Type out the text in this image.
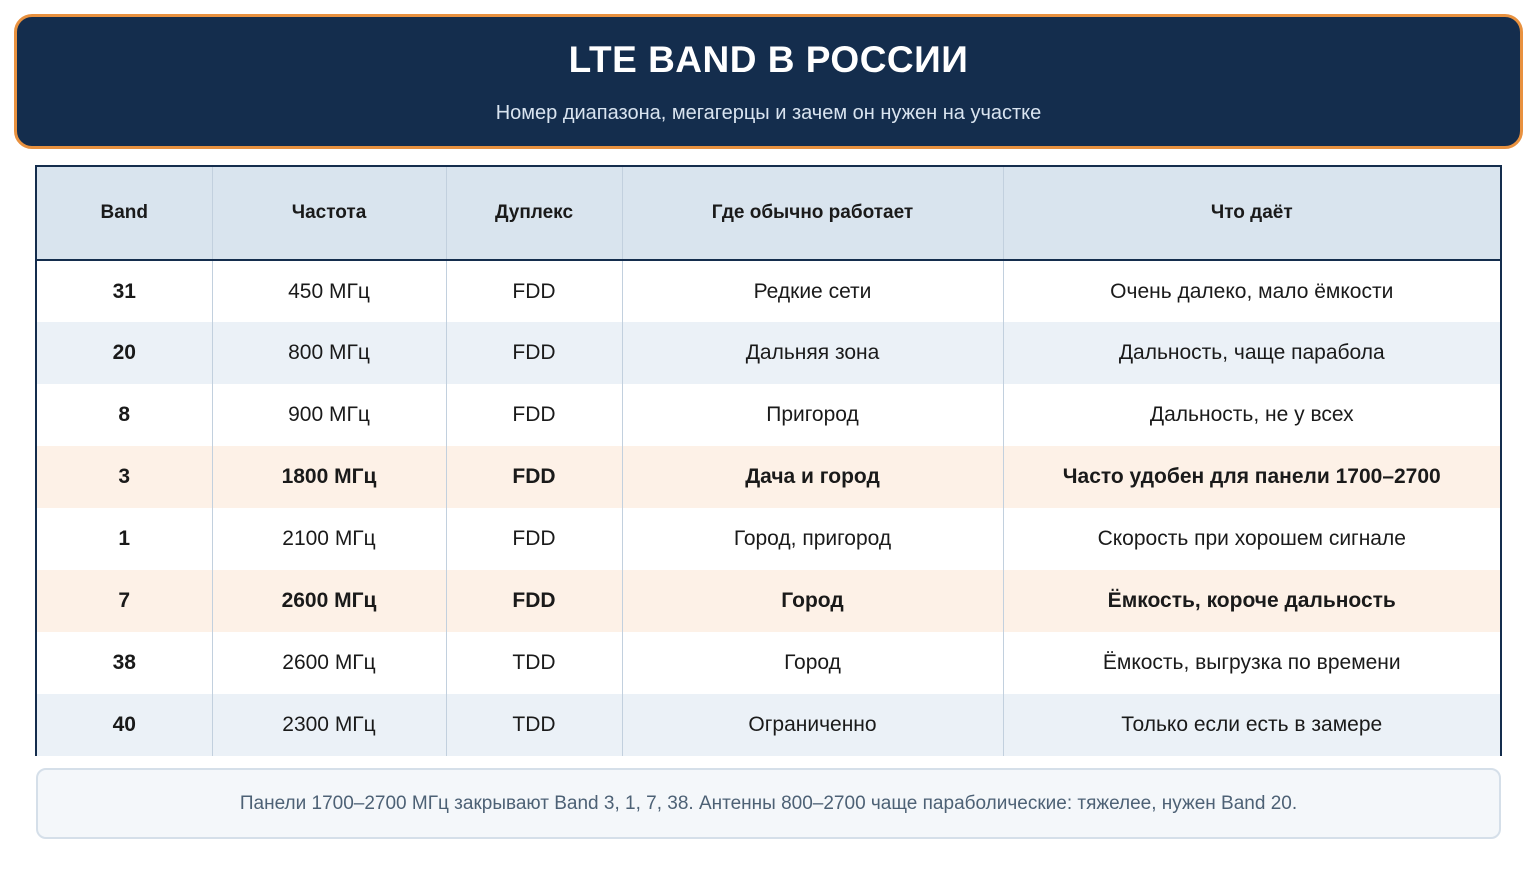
LTE BAND В РОССИИ

Номер диапазона, мегагерцы и зачем он нужен на участке

Band	Частота	Дуплекс	Где обычно работает	Что даёт
31	450 МГц	FDD	Редкие сети	Очень далеко, мало ёмкости
20	800 МГц	FDD	Дальняя зона	Дальность, чаще парабола
8	900 МГц	FDD	Пригород	Дальность, не у всех
3	1800 МГц	FDD	Дача и город	Часто удобен для панели 1700–2700
1	2100 МГц	FDD	Город, пригород	Скорость при хорошем сигнале
7	2600 МГц	FDD	Город	Ёмкость, короче дальность
38	2600 МГц	TDD	Город	Ёмкость, выгрузка по времени
40	2300 МГц	TDD	Ограниченно	Только если есть в замере
Панели 1700–2700 МГц закрывают Band 3, 1, 7, 38. Антенны 800–2700 чаще параболические: тяжелее, нужен Band 20.
